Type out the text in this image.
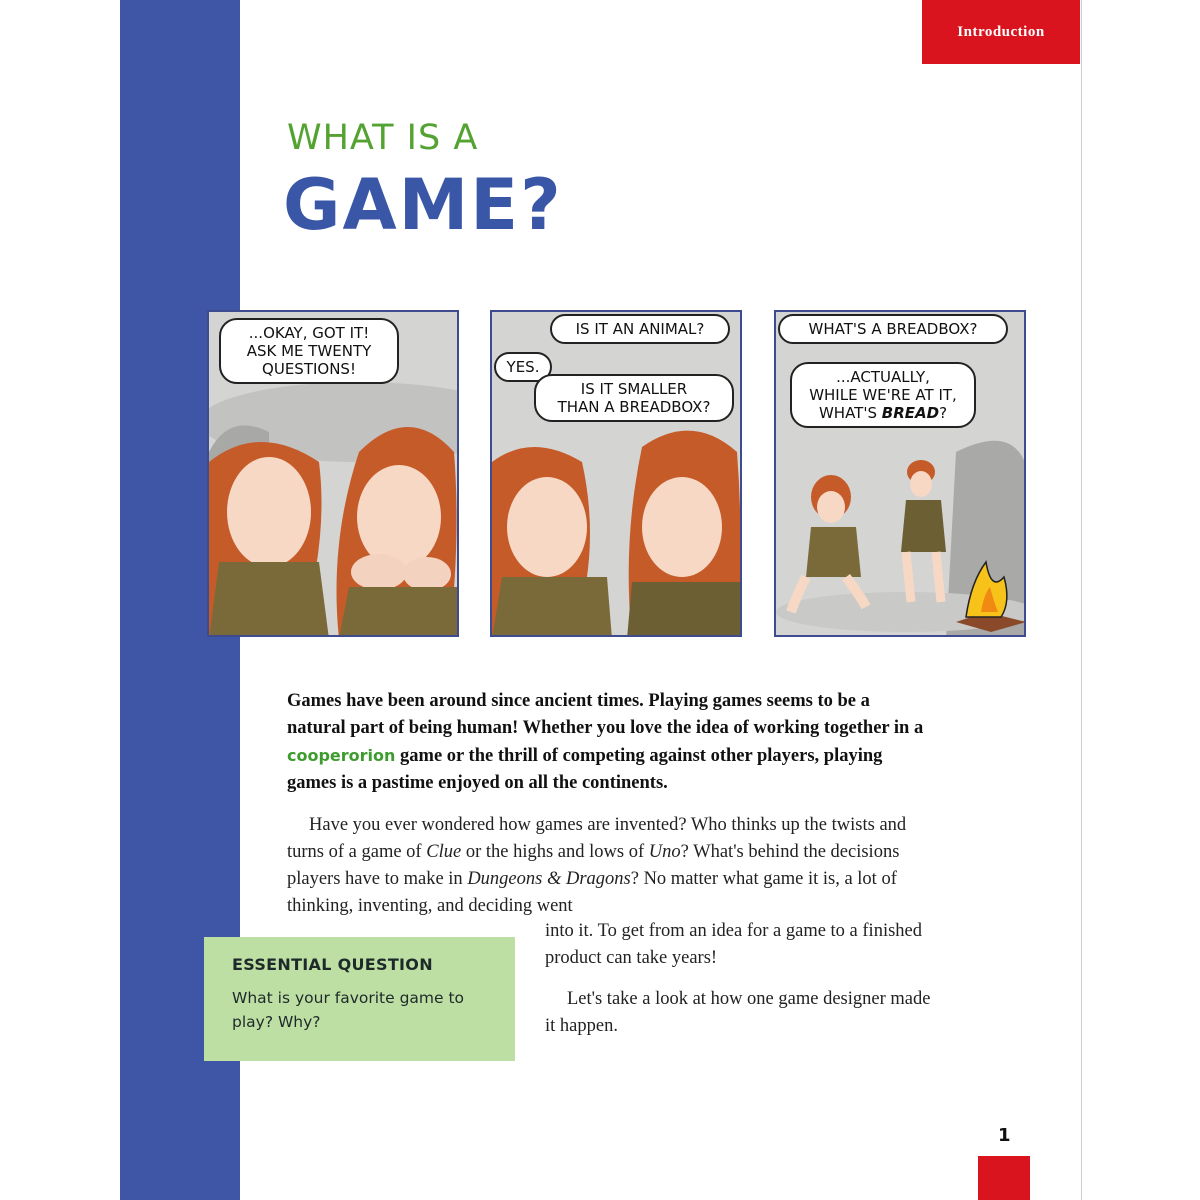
Introduction
WHAT IS A
GAME?
...OKAY, GOT IT!
ASK ME TWENTY
QUESTIONS!
IS IT AN ANIMAL?
YES.
IS IT SMALLER
THAN A BREADBOX?
WHAT'S A BREADBOX?
...ACTUALLY,
WHILE WE'RE AT IT,
WHAT'S BREAD?
Games have been around since ancient times. Playing games seems to be a natural part of being human! Whether you love the idea of working together in a cooperorion game or the thrill of competing against other players, playing games is a pastime enjoyed on all the continents.
Have you ever wondered how games are invented? Who thinks up the twists and turns of a game of Clue or the highs and lows of Uno? What's behind the decisions players have to make in Dungeons & Dragons? No matter what game it is, a lot of thinking, inventing, and deciding went
into it. To get from an idea for a game to a finished product can take years!
Let's take a look at how one game designer made it happen.
ESSENTIAL QUESTION
What is your favorite game to play? Why?
1
